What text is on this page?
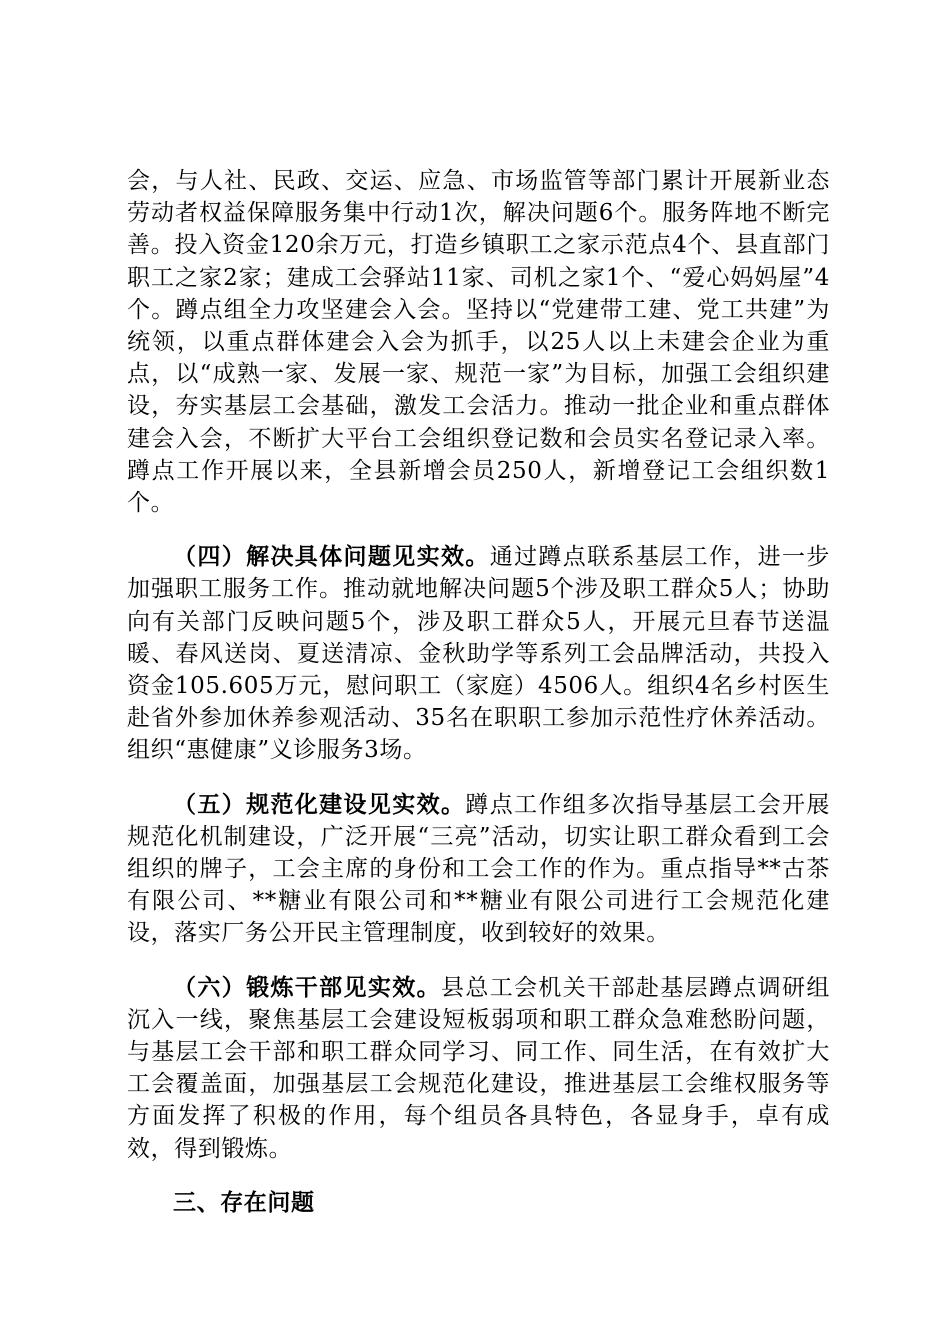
会，与人社、民政、交运、应急、市场监管等部门累计开展新业态劳动者权益保障服务集中行动1次，解决问题6个。服务阵地不断完善。投入资金120余万元，打造乡镇职工之家示范点4个、县直部门职工之家2家；建成工会驿站11家、司机之家1个、“爱心妈妈屋”4个。蹲点组全力攻坚建会入会。坚持以“党建带工建、党工共建”为统领，以重点群体建会入会为抓手，以25人以上未建会企业为重点，以“成熟一家、发展一家、规范一家”为目标，加强工会组织建设，夯实基层工会基础，激发工会活力。推动一批企业和重点群体建会入会，不断扩大平台工会组织登记数和会员实名登记录入率。蹲点工作开展以来，全县新增会员250人，新增登记工会组织数1个。

（四）解决具体问题见实效。通过蹲点联系基层工作，进一步加强职工服务工作。推动就地解决问题5个涉及职工群众5人；协助向有关部门反映问题5个，涉及职工群众5人，开展元旦春节送温暖、春风送岗、夏送清凉、金秋助学等系列工会品牌活动，共投入资金105.605万元，慰问职工（家庭）4506人。组织4名乡村医生赴省外参加休养参观活动、35名在职职工参加示范性疗休养活动。组织“惠健康”义诊服务3场。

（五）规范化建设见实效。蹲点工作组多次指导基层工会开展规范化机制建设，广泛开展“三亮”活动，切实让职工群众看到工会组织的牌子，工会主席的身份和工会工作的作为。重点指导**古茶有限公司、**糖业有限公司和**糖业有限公司进行工会规范化建设，落实厂务公开民主管理制度，收到较好的效果。

（六）锻炼干部见实效。县总工会机关干部赴基层蹲点调研组沉入一线，聚焦基层工会建设短板弱项和职工群众急难愁盼问题，与基层工会干部和职工群众同学习、同工作、同生活，在有效扩大工会覆盖面，加强基层工会规范化建设，推进基层工会维权服务等方面发挥了积极的作用，每个组员各具特色，各显身手，卓有成效，得到锻炼。

三、存在问题
